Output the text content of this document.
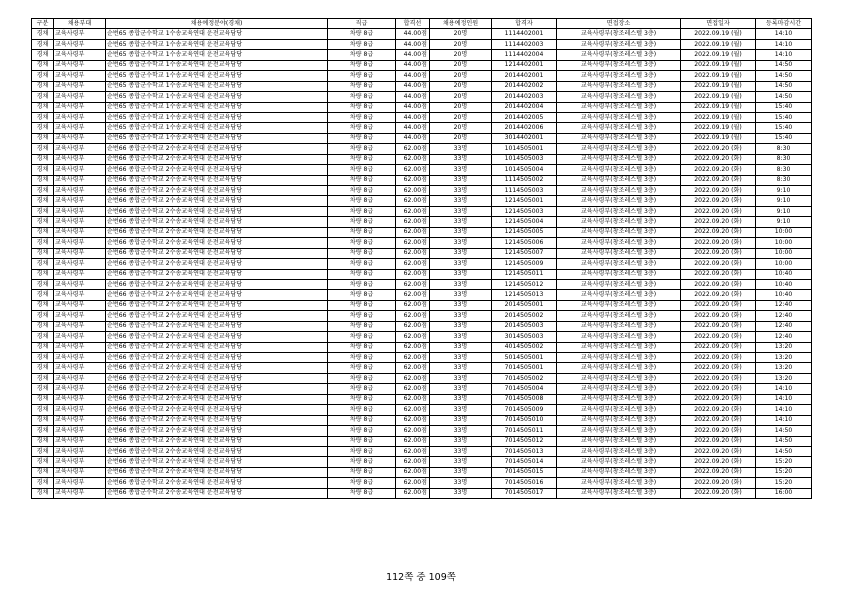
구분	채용부대	채용예정분야(경채)	직급	합격선	채용예정인원	합격자	면접장소	면접일자	등록마감시간
경채	교육사령부	순번65 종합군수학교 1수송교육연대 운전교육담당	차량 8급	44.00점	20명	1114402001	교육사령부(창조레스텔 3층)	2022.09.19 (월)	14:10
경채	교육사령부	순번65 종합군수학교 1수송교육연대 운전교육담당	차량 8급	44.00점	20명	1114402003	교육사령부(창조레스텔 3층)	2022.09.19 (월)	14:10
경채	교육사령부	순번65 종합군수학교 1수송교육연대 운전교육담당	차량 8급	44.00점	20명	1114402004	교육사령부(창조레스텔 3층)	2022.09.19 (월)	14:10
경채	교육사령부	순번65 종합군수학교 1수송교육연대 운전교육담당	차량 8급	44.00점	20명	1214402001	교육사령부(창조레스텔 3층)	2022.09.19 (월)	14:50
경채	교육사령부	순번65 종합군수학교 1수송교육연대 운전교육담당	차량 8급	44.00점	20명	2014402001	교육사령부(창조레스텔 3층)	2022.09.19 (월)	14:50
경채	교육사령부	순번65 종합군수학교 1수송교육연대 운전교육담당	차량 8급	44.00점	20명	2014402002	교육사령부(창조레스텔 3층)	2022.09.19 (월)	14:50
경채	교육사령부	순번65 종합군수학교 1수송교육연대 운전교육담당	차량 8급	44.00점	20명	2014402003	교육사령부(창조레스텔 3층)	2022.09.19 (월)	14:50
경채	교육사령부	순번65 종합군수학교 1수송교육연대 운전교육담당	차량 8급	44.00점	20명	2014402004	교육사령부(창조레스텔 3층)	2022.09.19 (월)	15:40
경채	교육사령부	순번65 종합군수학교 1수송교육연대 운전교육담당	차량 8급	44.00점	20명	2014402005	교육사령부(창조레스텔 3층)	2022.09.19 (월)	15:40
경채	교육사령부	순번65 종합군수학교 1수송교육연대 운전교육담당	차량 8급	44.00점	20명	2014402006	교육사령부(창조레스텔 3층)	2022.09.19 (월)	15:40
경채	교육사령부	순번65 종합군수학교 1수송교육연대 운전교육담당	차량 8급	44.00점	20명	3014402001	교육사령부(창조레스텔 3층)	2022.09.19 (월)	15:40
경채	교육사령부	순번66 종합군수학교 2수송교육연대 운전교육담당	차량 8급	62.00점	33명	1014505001	교육사령부(창조레스텔 3층)	2022.09.20 (화)	8:30
경채	교육사령부	순번66 종합군수학교 2수송교육연대 운전교육담당	차량 8급	62.00점	33명	1014505003	교육사령부(창조레스텔 3층)	2022.09.20 (화)	8:30
경채	교육사령부	순번66 종합군수학교 2수송교육연대 운전교육담당	차량 8급	62.00점	33명	1014505004	교육사령부(창조레스텔 3층)	2022.09.20 (화)	8:30
경채	교육사령부	순번66 종합군수학교 2수송교육연대 운전교육담당	차량 8급	62.00점	33명	1114505002	교육사령부(창조레스텔 3층)	2022.09.20 (화)	8:30
경채	교육사령부	순번66 종합군수학교 2수송교육연대 운전교육담당	차량 8급	62.00점	33명	1114505003	교육사령부(창조레스텔 3층)	2022.09.20 (화)	9:10
경채	교육사령부	순번66 종합군수학교 2수송교육연대 운전교육담당	차량 8급	62.00점	33명	1214505001	교육사령부(창조레스텔 3층)	2022.09.20 (화)	9:10
경채	교육사령부	순번66 종합군수학교 2수송교육연대 운전교육담당	차량 8급	62.00점	33명	1214505003	교육사령부(창조레스텔 3층)	2022.09.20 (화)	9:10
경채	교육사령부	순번66 종합군수학교 2수송교육연대 운전교육담당	차량 8급	62.00점	33명	1214505004	교육사령부(창조레스텔 3층)	2022.09.20 (화)	9:10
경채	교육사령부	순번66 종합군수학교 2수송교육연대 운전교육담당	차량 8급	62.00점	33명	1214505005	교육사령부(창조레스텔 3층)	2022.09.20 (화)	10:00
경채	교육사령부	순번66 종합군수학교 2수송교육연대 운전교육담당	차량 8급	62.00점	33명	1214505006	교육사령부(창조레스텔 3층)	2022.09.20 (화)	10:00
경채	교육사령부	순번66 종합군수학교 2수송교육연대 운전교육담당	차량 8급	62.00점	33명	1214505007	교육사령부(창조레스텔 3층)	2022.09.20 (화)	10:00
경채	교육사령부	순번66 종합군수학교 2수송교육연대 운전교육담당	차량 8급	62.00점	33명	1214505009	교육사령부(창조레스텔 3층)	2022.09.20 (화)	10:00
경채	교육사령부	순번66 종합군수학교 2수송교육연대 운전교육담당	차량 8급	62.00점	33명	1214505011	교육사령부(창조레스텔 3층)	2022.09.20 (화)	10:40
경채	교육사령부	순번66 종합군수학교 2수송교육연대 운전교육담당	차량 8급	62.00점	33명	1214505012	교육사령부(창조레스텔 3층)	2022.09.20 (화)	10:40
경채	교육사령부	순번66 종합군수학교 2수송교육연대 운전교육담당	차량 8급	62.00점	33명	1214505013	교육사령부(창조레스텔 3층)	2022.09.20 (화)	10:40
경채	교육사령부	순번66 종합군수학교 2수송교육연대 운전교육담당	차량 8급	62.00점	33명	2014505001	교육사령부(창조레스텔 3층)	2022.09.20 (화)	12:40
경채	교육사령부	순번66 종합군수학교 2수송교육연대 운전교육담당	차량 8급	62.00점	33명	2014505002	교육사령부(창조레스텔 3층)	2022.09.20 (화)	12:40
경채	교육사령부	순번66 종합군수학교 2수송교육연대 운전교육담당	차량 8급	62.00점	33명	2014505003	교육사령부(창조레스텔 3층)	2022.09.20 (화)	12:40
경채	교육사령부	순번66 종합군수학교 2수송교육연대 운전교육담당	차량 8급	62.00점	33명	3014505003	교육사령부(창조레스텔 3층)	2022.09.20 (화)	12:40
경채	교육사령부	순번66 종합군수학교 2수송교육연대 운전교육담당	차량 8급	62.00점	33명	4014505002	교육사령부(창조레스텔 3층)	2022.09.20 (화)	13:20
경채	교육사령부	순번66 종합군수학교 2수송교육연대 운전교육담당	차량 8급	62.00점	33명	5014505001	교육사령부(창조레스텔 3층)	2022.09.20 (화)	13:20
경채	교육사령부	순번66 종합군수학교 2수송교육연대 운전교육담당	차량 8급	62.00점	33명	7014505001	교육사령부(창조레스텔 3층)	2022.09.20 (화)	13:20
경채	교육사령부	순번66 종합군수학교 2수송교육연대 운전교육담당	차량 8급	62.00점	33명	7014505002	교육사령부(창조레스텔 3층)	2022.09.20 (화)	13:20
경채	교육사령부	순번66 종합군수학교 2수송교육연대 운전교육담당	차량 8급	62.00점	33명	7014505004	교육사령부(창조레스텔 3층)	2022.09.20 (화)	14:10
경채	교육사령부	순번66 종합군수학교 2수송교육연대 운전교육담당	차량 8급	62.00점	33명	7014505008	교육사령부(창조레스텔 3층)	2022.09.20 (화)	14:10
경채	교육사령부	순번66 종합군수학교 2수송교육연대 운전교육담당	차량 8급	62.00점	33명	7014505009	교육사령부(창조레스텔 3층)	2022.09.20 (화)	14:10
경채	교육사령부	순번66 종합군수학교 2수송교육연대 운전교육담당	차량 8급	62.00점	33명	7014505010	교육사령부(창조레스텔 3층)	2022.09.20 (화)	14:10
경채	교육사령부	순번66 종합군수학교 2수송교육연대 운전교육담당	차량 8급	62.00점	33명	7014505011	교육사령부(창조레스텔 3층)	2022.09.20 (화)	14:50
경채	교육사령부	순번66 종합군수학교 2수송교육연대 운전교육담당	차량 8급	62.00점	33명	7014505012	교육사령부(창조레스텔 3층)	2022.09.20 (화)	14:50
경채	교육사령부	순번66 종합군수학교 2수송교육연대 운전교육담당	차량 8급	62.00점	33명	7014505013	교육사령부(창조레스텔 3층)	2022.09.20 (화)	14:50
경채	교육사령부	순번66 종합군수학교 2수송교육연대 운전교육담당	차량 8급	62.00점	33명	7014505014	교육사령부(창조레스텔 3층)	2022.09.20 (화)	15:20
경채	교육사령부	순번66 종합군수학교 2수송교육연대 운전교육담당	차량 8급	62.00점	33명	7014505015	교육사령부(창조레스텔 3층)	2022.09.20 (화)	15:20
경채	교육사령부	순번66 종합군수학교 2수송교육연대 운전교육담당	차량 8급	62.00점	33명	7014505016	교육사령부(창조레스텔 3층)	2022.09.20 (화)	15:20
경채	교육사령부	순번66 종합군수학교 2수송교육연대 운전교육담당	차량 8급	62.00점	33명	7014505017	교육사령부(창조레스텔 3층)	2022.09.20 (화)	16:00
112쪽 중 109쪽
